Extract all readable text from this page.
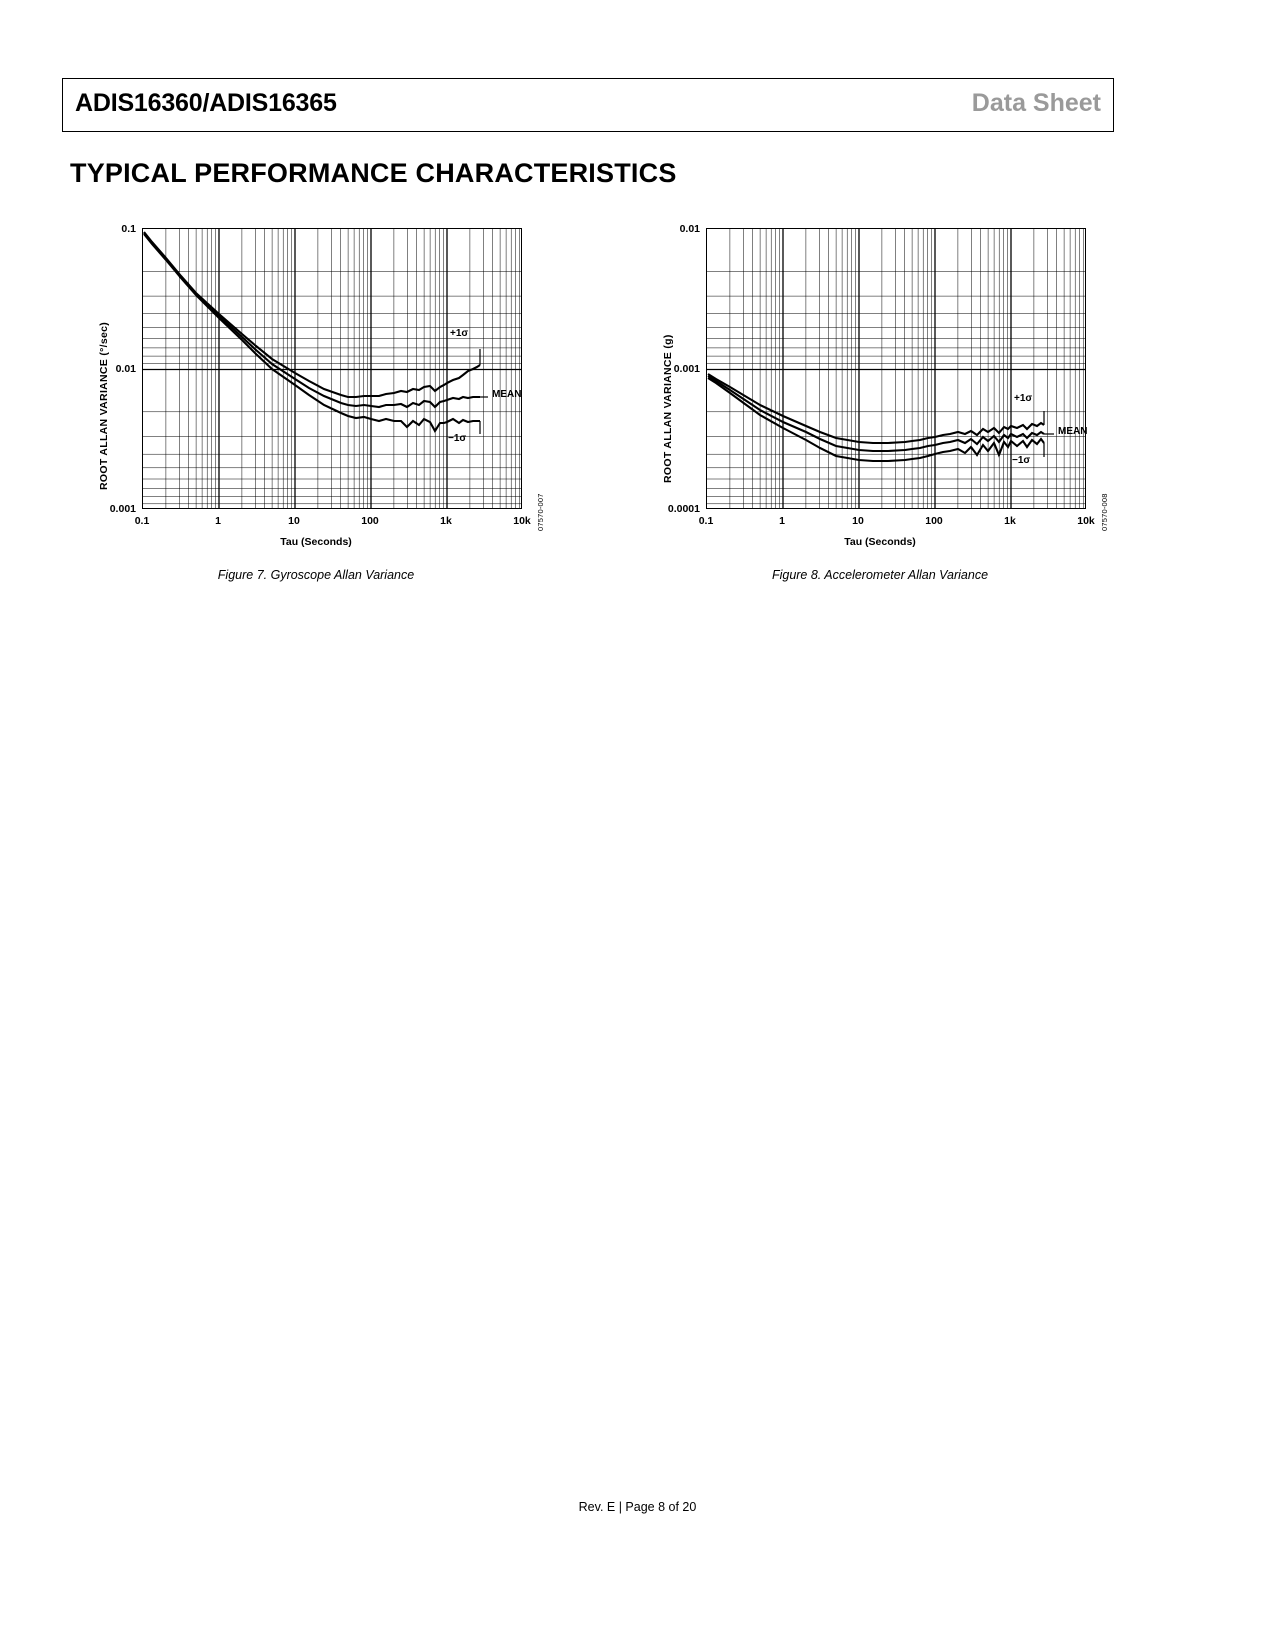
ADIS16360/ADIS16365	Data Sheet
TYPICAL PERFORMANCE CHARACTERISTICS
ROOT ALLAN VARIANCE (°/sec)
0.1
0.01
0.001
+1σ
MEAN
−1σ
0.1	1	10	100	1k	10k
Tau (Seconds)
07570-007
Figure 7. Gyroscope Allan Variance
ROOT ALLAN VARIANCE (g)
0.01
0.001
0.0001
+1σ
MEAN
−1σ
0.1	1	10	100	1k	10k
Tau (Seconds)
07570-008
Figure 8. Accelerometer Allan Variance
Rev. E | Page 8 of 20
